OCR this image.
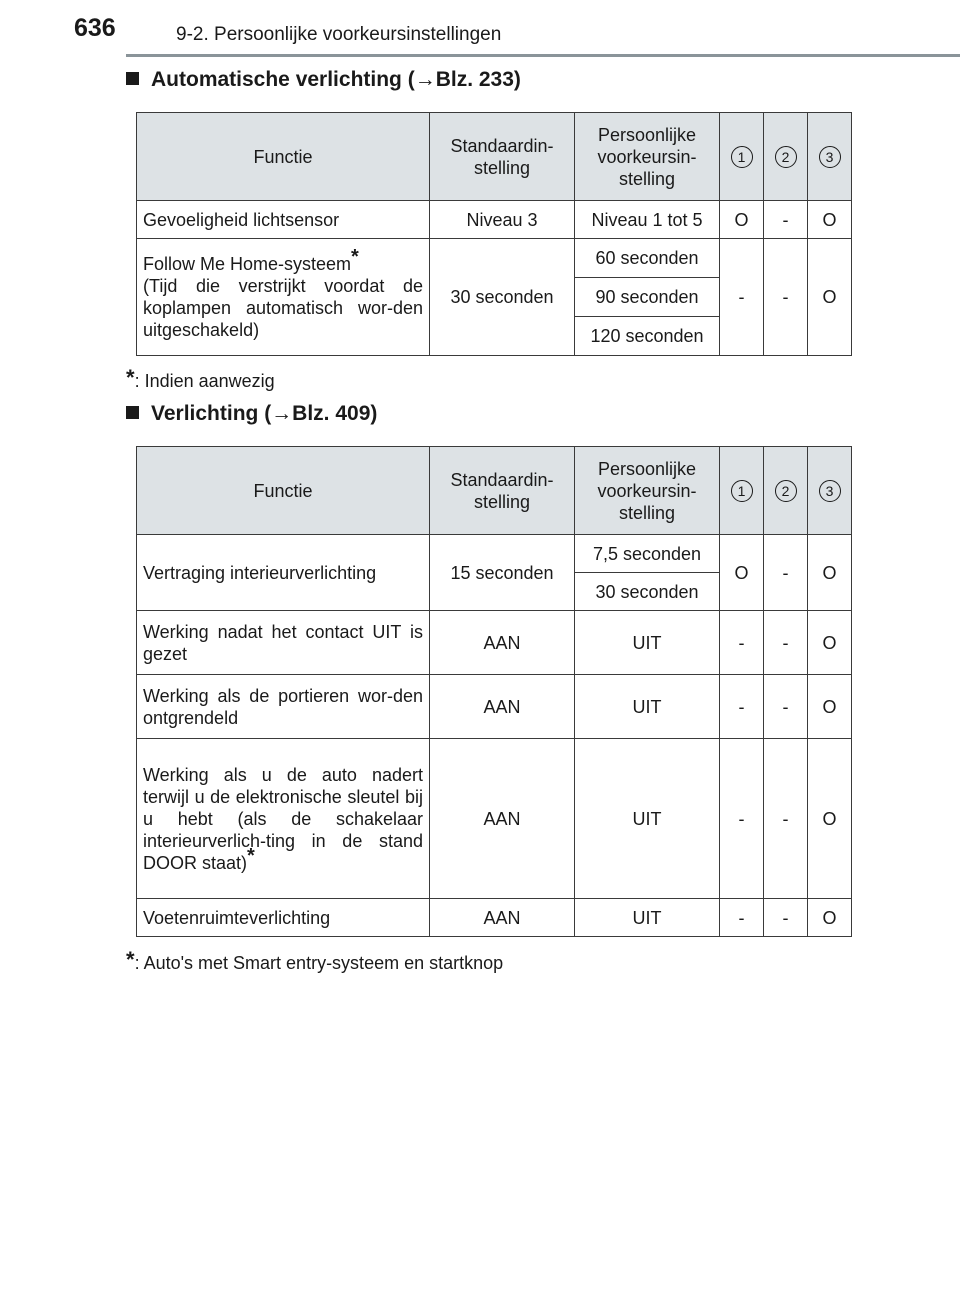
636	9-2. Persoonlijke voorkeursinstellingen
Automatische verlichting (→Blz. 233)
Functie	Standaardin-stelling	Persoonlijke voorkeursin-stelling	1	2	3
Gevoeligheid lichtsensor	Niveau 3	Niveau 1 tot 5	O	-	O
Follow Me Home-systeem*
(Tijd die verstrijkt voordat de koplampen automatisch wor-den uitgeschakeld)	30 seconden	60 seconden	-	-	O
		90 seconden			
		120 seconden			
*: Indien aanwezig
Verlichting (→Blz. 409)
Functie	Standaardin-stelling	Persoonlijke voorkeursin-stelling	1	2	3
Vertraging interieurverlichting	15 seconden	7,5 seconden	O	-	O
		30 seconden			
Werking nadat het contact UIT is gezet	AAN	UIT	-	-	O
Werking als de portieren wor-den ontgrendeld	AAN	UIT	-	-	O
Werking als u de auto nadert terwijl u de elektronische sleutel bij u hebt (als de schakelaar interieurverlich-ting in de stand DOOR staat)*	AAN	UIT	-	-	O
Voetenruimteverlichting	AAN	UIT	-	-	O
*: Auto's met Smart entry-systeem en startknop
